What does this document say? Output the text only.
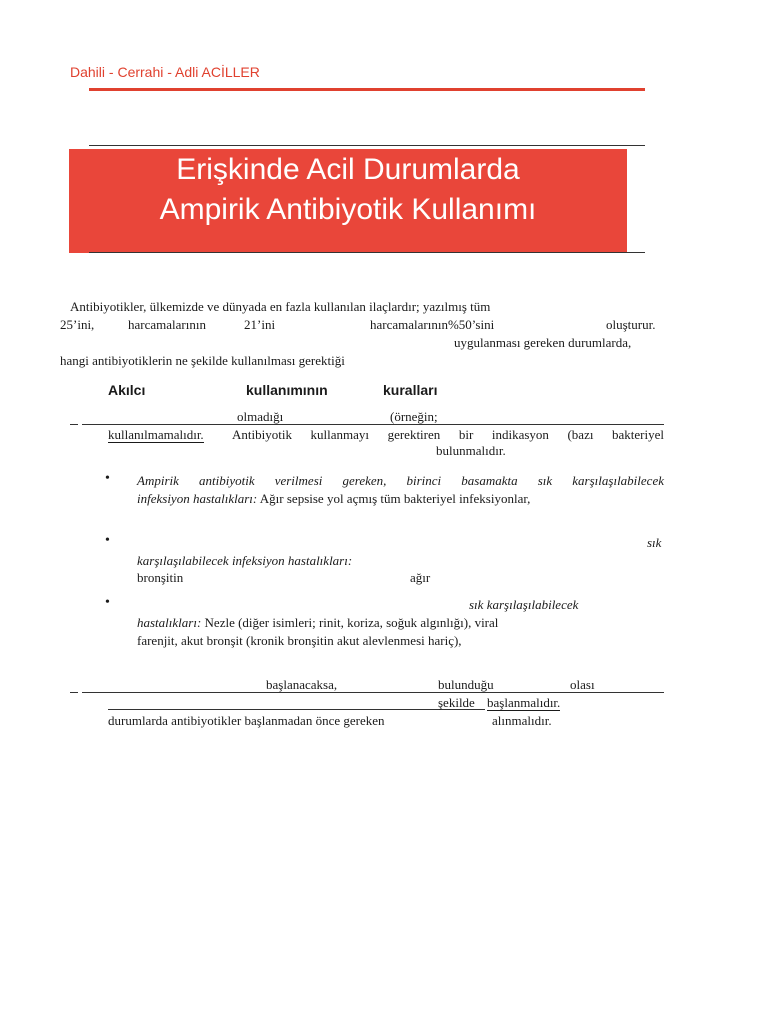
Dahili - Cerrahi - Adli ACİLLER
Erişkinde Acil Durumlarda
Ampirik Antibiyotik Kullanımı
Antibiyotikler, ülkemizde ve dünyada en fazla kullanılan ilaçlardır; yazılmış tüm
25’ini,	harcamalarının	21’ini	harcamalarının%50’sini	oluşturur.
uygulanması gereken durumlarda,
hangi antibiyotiklerin ne şekilde kullanılması gerektiği
Akılcı	kullanımının	kuralları
olmadığı	(örneğin;
kullanılmamalıdır. Antibiyotik kullanmayı gerektiren bir indikasyon (bazı bakteriyel
bulunmalıdır.
• Ampirik antibiyotik verilmesi gereken, birinci basamakta sık karşılaşılabilecek
infeksiyon hastalıkları: Ağır sepsise yol açmış tüm bakteriyel infeksiyonlar,
•	sık
karşılaşılabilecek infeksiyon hastalıkları:
bronşitin	ağır
•	sık karşılaşılabilecek
hastalıkları: Nezle (diğer isimleri; rinit, koriza, soğuk algınlığı), viral
farenjit, akut bronşit (kronik bronşitin akut alevlenmesi hariç),
başlanacaksa,	bulunduğu	olası
şekilde başlanmalıdır.
durumlarda antibiyotikler başlanmadan önce gereken	alınmalıdır.
